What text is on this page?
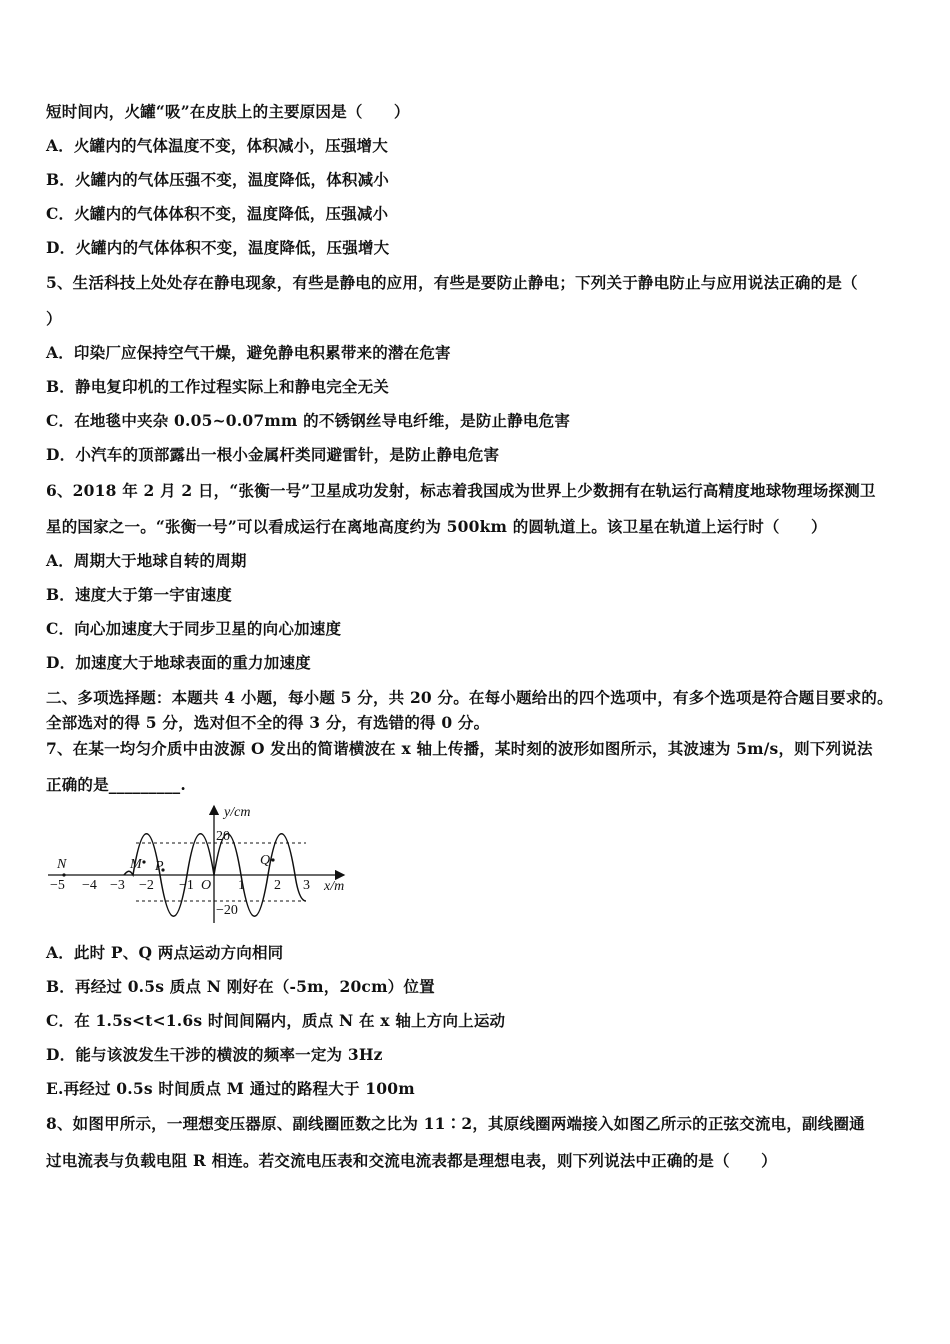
短时间内，火罐“吸”在皮肤上的主要原因是（　　）
A．火罐内的气体温度不变，体积减小，压强增大
B．火罐内的气体压强不变，温度降低，体积减小
C．火罐内的气体体积不变，温度降低，压强减小
D．火罐内的气体体积不变，温度降低，压强增大
5、生活科技上处处存在静电现象，有些是静电的应用，有些是要防止静电；下列关于静电防止与应用说法正确的是（
）
A．印染厂应保持空气干燥，避免静电积累带来的潜在危害
B．静电复印机的工作过程实际上和静电完全无关
C．在地毯中夹杂 0.05~0.07mm 的不锈钢丝导电纤维，是防止静电危害
D．小汽车的顶部露出一根小金属杆类同避雷针，是防止静电危害
6、2018 年 2 月 2 日，“张衡一号”卫星成功发射，标志着我国成为世界上少数拥有在轨运行高精度地球物理场探测卫
星的国家之一。“张衡一号”可以看成运行在离地高度约为 500km 的圆轨道上。该卫星在轨道上运行时（　　）
A．周期大于地球自转的周期
B．速度大于第一宇宙速度
C．向心加速度大于同步卫星的向心加速度
D．加速度大于地球表面的重力加速度
二、多项选择题：本题共 4 小题，每小题 5 分，共 20 分。在每小题给出的四个选项中，有多个选项是符合题目要求的。
全部选对的得 5 分，选对但不全的得 3 分，有选错的得 0 分。
7、在某一均匀介质中由波源 O 发出的简谐横波在 x 轴上传播，某时刻的波形如图所示，其波速为 5m/s，则下列说法
正确的是_________.
y/cm
x/m
20
−20
−5 −4 −3 −2 −1 O 1 2 3
N	M P	Q
A．此时 P、Q 两点运动方向相同
B．再经过 0.5s 质点 N 刚好在（-5m，20cm）位置
C．在 1.5s<t<1.6s 时间间隔内，质点 N 在 x 轴上方向上运动
D．能与该波发生干涉的横波的频率一定为 3Hz
E.再经过 0.5s 时间质点 M 通过的路程大于 100m
8、如图甲所示，一理想变压器原、副线圈匝数之比为 11∶2，其原线圈两端接入如图乙所示的正弦交流电，副线圈通
过电流表与负载电阻 R 相连。若交流电压表和交流电流表都是理想电表，则下列说法中正确的是（　　）
